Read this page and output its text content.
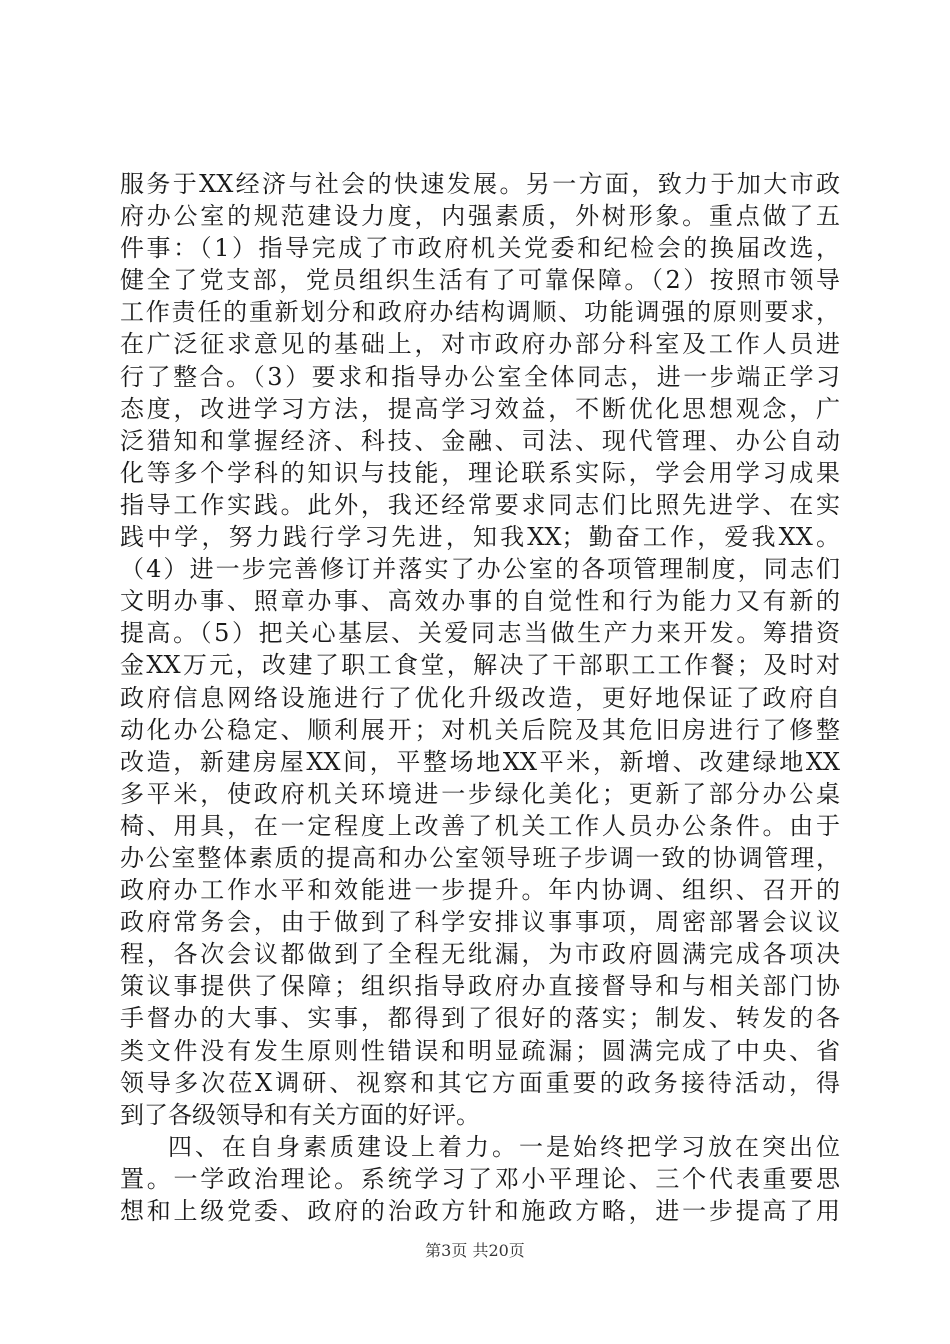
服务于XX经济与社会的快速发展。另一方面，致力于加大市政
府办公室的规范建设力度，内强素质，外树形象。重点做了五
件事：（1）指导完成了市政府机关党委和纪检会的换届改选，
健全了党支部，党员组织生活有了可靠保障。（2）按照市领导
工作责任的重新划分和政府办结构调顺、功能调强的原则要求，
在广泛征求意见的基础上，对市政府办部分科室及工作人员进
行了整合。（3）要求和指导办公室全体同志，进一步端正学习
态度，改进学习方法，提高学习效益，不断优化思想观念，广
泛猎知和掌握经济、科技、金融、司法、现代管理、办公自动
化等多个学科的知识与技能，理论联系实际，学会用学习成果
指导工作实践。此外，我还经常要求同志们比照先进学、在实
践中学，努力践行学习先进，知我XX；勤奋工作，爱我XX。
（4）进一步完善修订并落实了办公室的各项管理制度，同志们
文明办事、照章办事、高效办事的自觉性和行为能力又有新的
提高。（5）把关心基层、关爱同志当做生产力来开发。筹措资
金XX万元，改建了职工食堂，解决了干部职工工作餐；及时对
政府信息网络设施进行了优化升级改造，更好地保证了政府自
动化办公稳定、顺利展开；对机关后院及其危旧房进行了修整
改造，新建房屋XX间，平整场地XX平米，新增、改建绿地XX
多平米，使政府机关环境进一步绿化美化；更新了部分办公桌
椅、用具，在一定程度上改善了机关工作人员办公条件。由于
办公室整体素质的提高和办公室领导班子步调一致的协调管理，
政府办工作水平和效能进一步提升。年内协调、组织、召开的
政府常务会，由于做到了科学安排议事事项，周密部署会议议
程，各次会议都做到了全程无纰漏，为市政府圆满完成各项决
策议事提供了保障；组织指导政府办直接督导和与相关部门协
手督办的大事、实事，都得到了很好的落实；制发、转发的各
类文件没有发生原则性错误和明显疏漏；圆满完成了中央、省
领导多次莅X调研、视察和其它方面重要的政务接待活动，得
到了各级领导和有关方面的好评。
四、在自身素质建设上着力。一是始终把学习放在突出位
置。一学政治理论。系统学习了邓小平理论、三个代表重要思
想和上级党委、政府的治政方针和施政方略，进一步提高了用
第3页 共20页
